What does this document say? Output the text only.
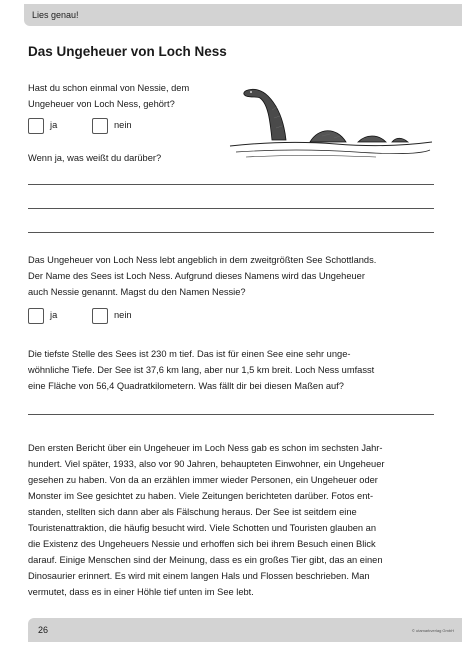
Lies genau!
Das Ungeheuer von Loch Ness
Hast du schon einmal von Nessie, dem
Ungeheuer von Loch Ness, gehört?
ja	nein
Wenn ja, was weißt du darüber?
Das Ungeheuer von Loch Ness lebt angeblich in dem zweitgrößten See Schottlands.
Der Name des Sees ist Loch Ness. Aufgrund dieses Namens wird das Ungeheuer
auch Nessie genannt. Magst du den Namen Nessie?
ja	nein
Die tiefste Stelle des Sees ist 230 m tief. Das ist für einen See eine sehr unge-
wöhnliche Tiefe. Der See ist 37,6 km lang, aber nur 1,5 km breit. Loch Ness umfasst
eine Fläche von 56,4 Quadratkilometern. Was fällt dir bei diesen Maßen auf?
Den ersten Bericht über ein Ungeheuer im Loch Ness gab es schon im sechsten Jahr-
hundert. Viel später, 1933, also vor 90 Jahren, behaupteten Einwohner, ein Ungeheuer
gesehen zu haben. Von da an erzählen immer wieder Personen, ein Ungeheuer oder
Monster im See gesichtet zu haben. Viele Zeitungen berichteten darüber. Fotos ent-
standen, stellten sich dann aber als Fälschung heraus. Der See ist seitdem eine
Touristenattraktion, die häufig besucht wird. Viele Schotten und Touristen glauben an
die Existenz des Ungeheuers Nessie und erhoffen sich bei ihrem Besuch einen Blick
darauf. Einige Menschen sind der Meinung, dass es ein großes Tier gibt, das an einen
Dinosaurier erinnert. Es wird mit einem langen Hals und Flossen beschrieben. Man
vermutet, dass es in einer Höhle tief unten im See lebt.
26	© utamarkverlag GmbH
